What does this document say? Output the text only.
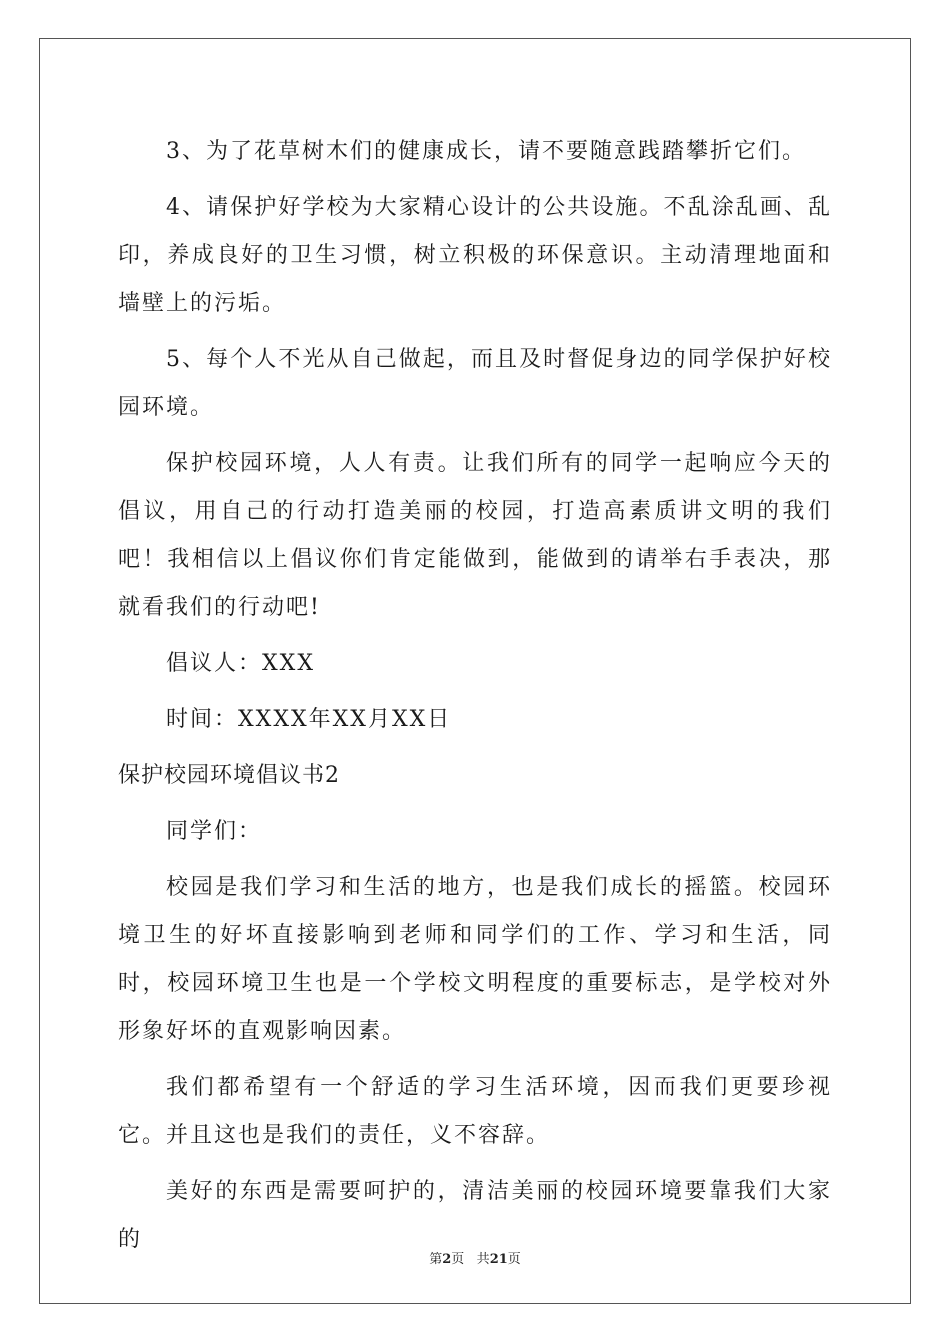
3、为了花草树木们的健康成长，请不要随意践踏攀折它们。

4、请保护好学校为大家精心设计的公共设施。不乱涂乱画、乱印，养成良好的卫生习惯，树立积极的环保意识。主动清理地面和墙壁上的污垢。

5、每个人不光从自己做起，而且及时督促身边的同学保护好校园环境。

保护校园环境，人人有责。让我们所有的同学一起响应今天的倡议，用自己的行动打造美丽的校园，打造高素质讲文明的我们吧！我相信以上倡议你们肯定能做到，能做到的请举右手表决，那就看我们的行动吧!

倡议人：XXX

时间：XXXX年XX月XX日

保护校园环境倡议书2

同学们：

校园是我们学习和生活的地方，也是我们成长的摇篮。校园环境卫生的好坏直接影响到老师和同学们的工作、学习和生活，同时，校园环境卫生也是一个学校文明程度的重要标志，是学校对外形象好坏的直观影响因素。

我们都希望有一个舒适的学习生活环境，因而我们更要珍视它。并且这也是我们的责任，义不容辞。

美好的东西是需要呵护的，清洁美丽的校园环境要靠我们大家的

第2页 共21页
